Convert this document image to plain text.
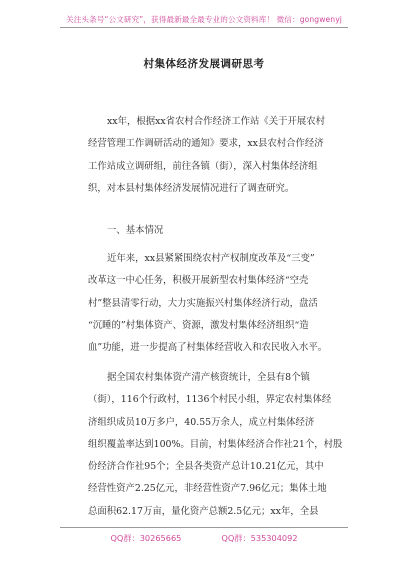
关注头条号“公文研究”，获得最新最全最专业的公文资料库！ 微信：gongwenyj
村集体经济发展调研思考
xx年，根据xx省农村合作经济工作站《关于开展农村
经营管理工作调研活动的通知》要求，xx县农村合作经济
工作站成立调研组，前往各镇（街），深入村集体经济组
织，对本县村集体经济发展情况进行了调查研究。
一、基本情况
近年来，xx县紧紧围绕农村产权制度改革及“三变”
改革这一中心任务，积极开展新型农村集体经济“空壳
村”整县清零行动，大力实施振兴村集体经济行动，盘活
“沉睡的”村集体资产、资源，激发村集体经济组织“造
血”功能，进一步提高了村集体经营收入和农民收入水平。
据全国农村集体资产清产核资统计，全县有8个镇
（街），116个行政村，1136个村民小组，界定农村集体经
济组织成员10万多户，40.55万余人，成立村集体经济
组织覆盖率达到100%。目前，村集体经济合作社21个，村股
份经济合作社95个；全县各类资产总计10.21亿元，其中
经营性资产2.25亿元，非经营性资产7.96亿元；集体土地
总面积62.17万亩，量化资产总额2.5亿元；xx年，全县
QQ群：30265665	QQ群：535304092
